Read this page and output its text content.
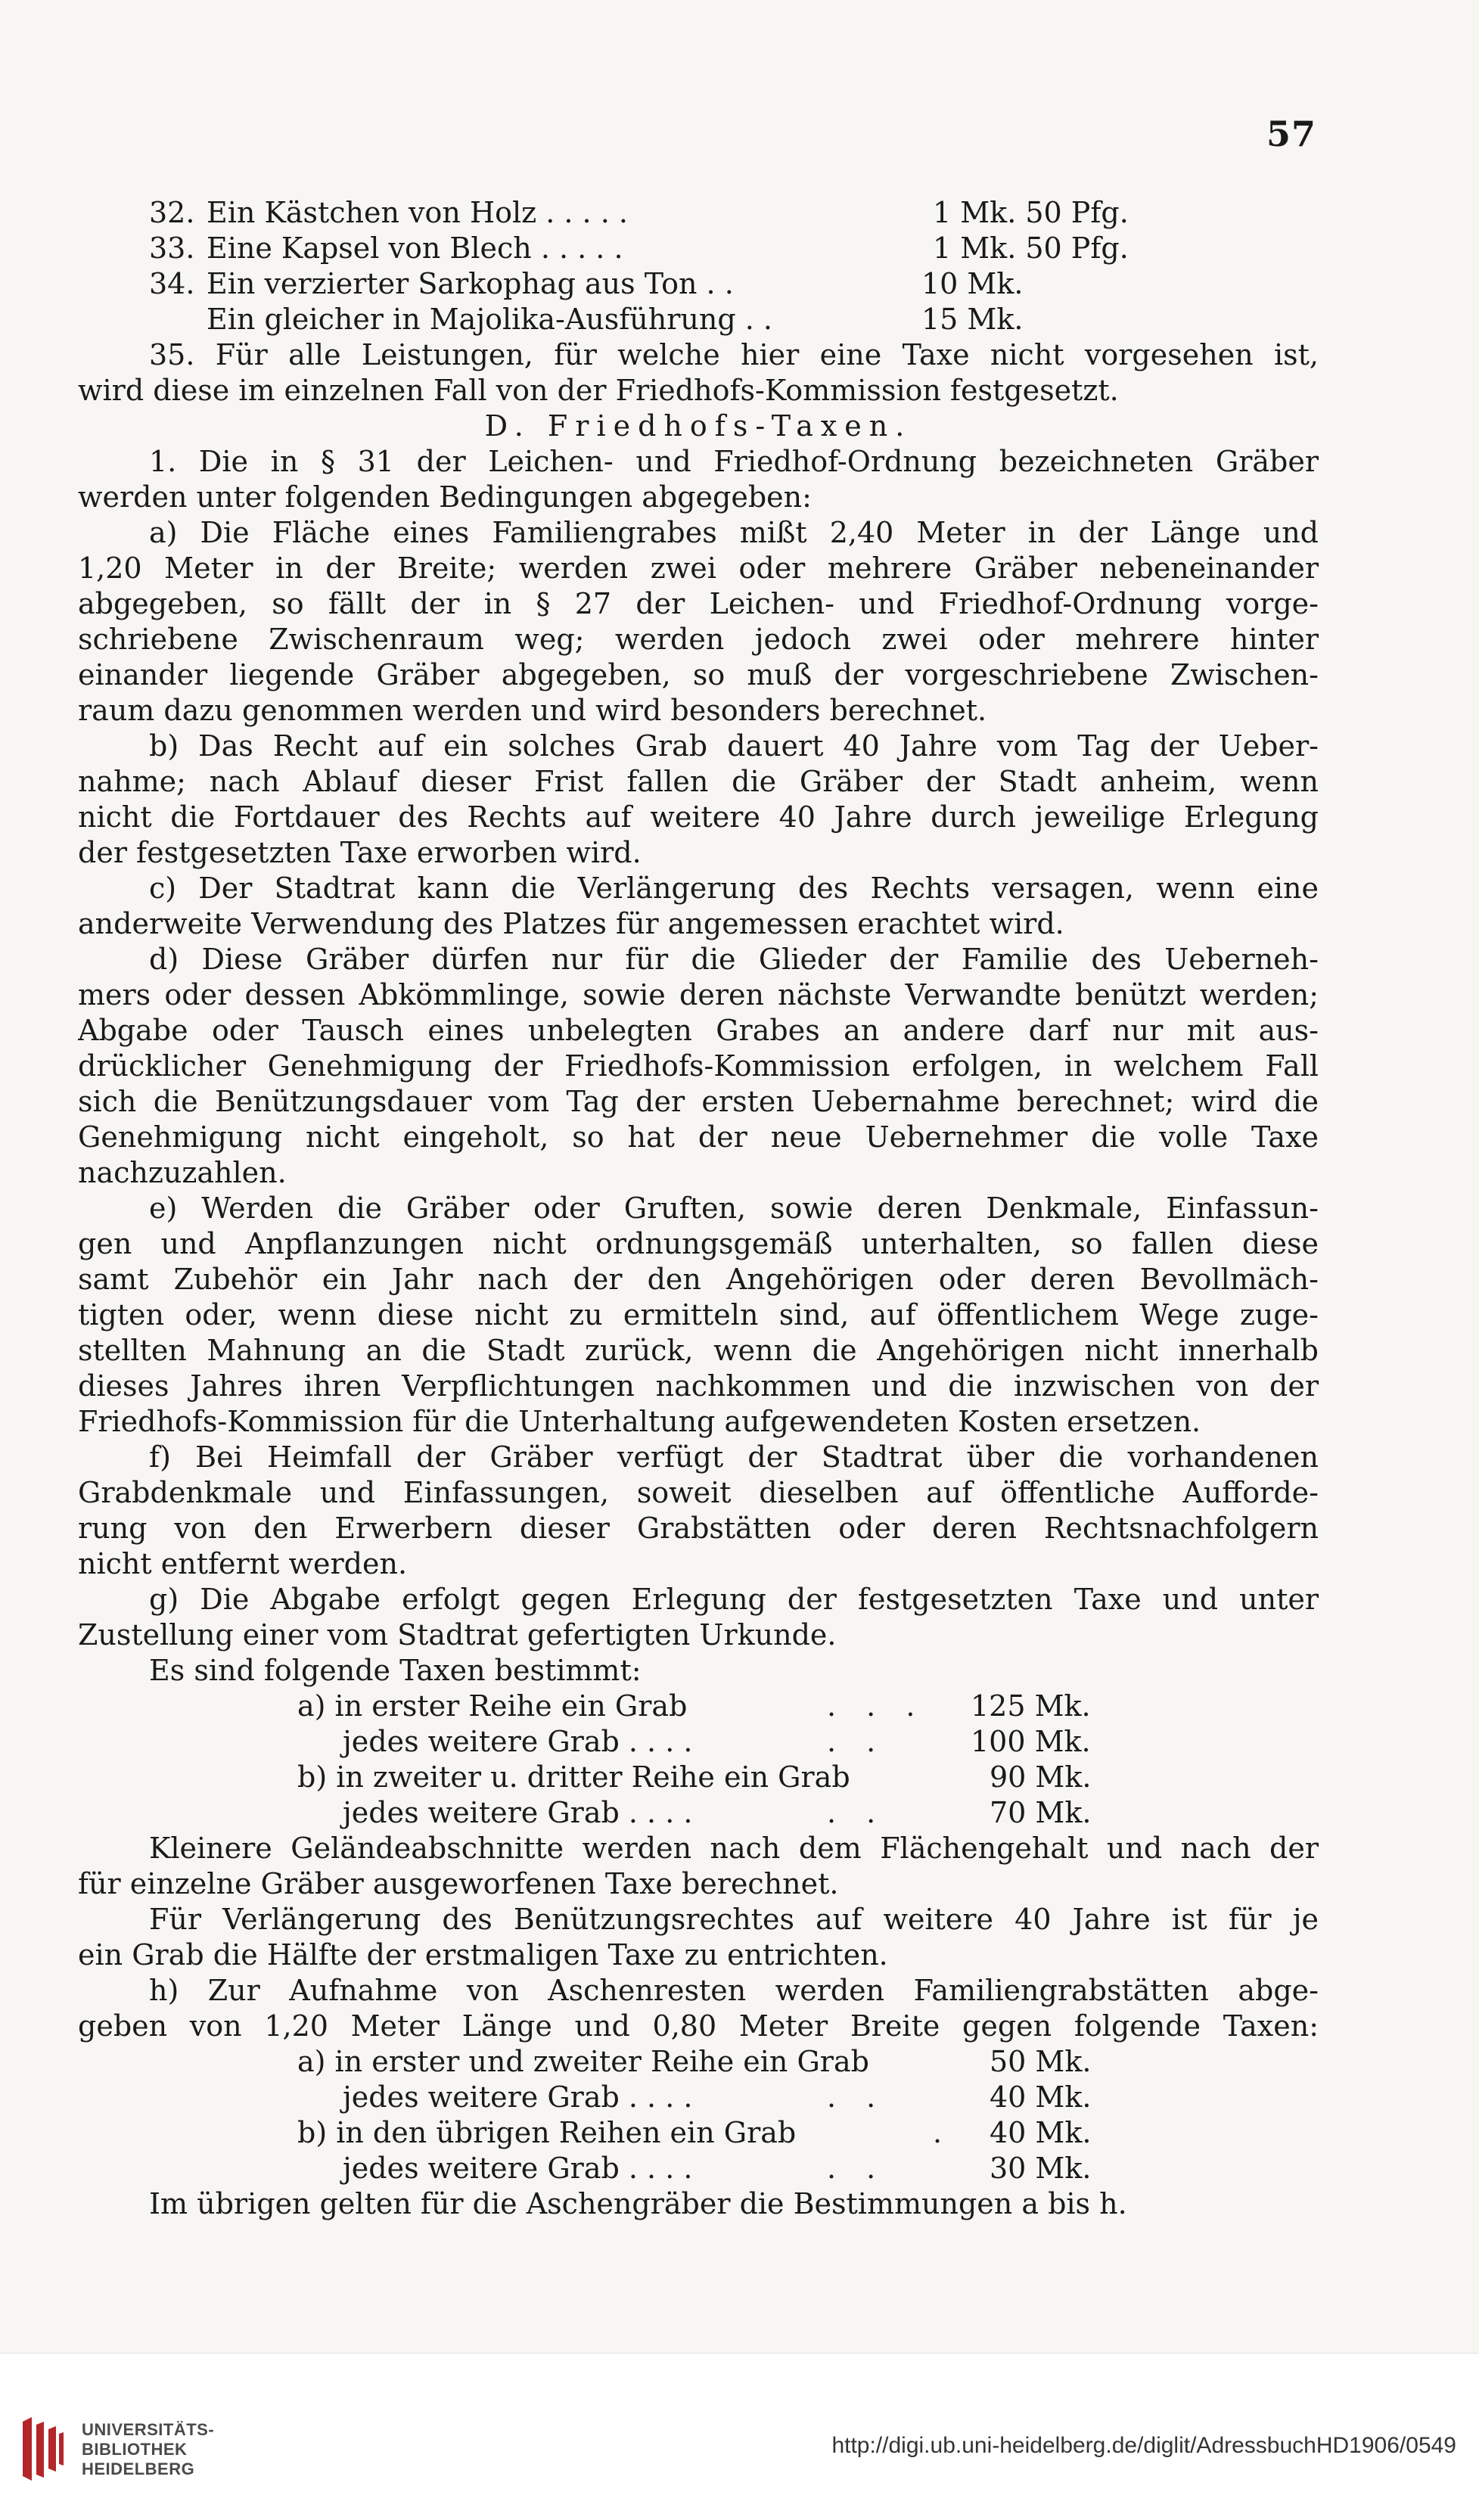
57
32. Ein Kästchen von Holz . . . . .	1 Mk. 50 Pfg.
33. Eine Kapsel von Blech . . . . .	1 Mk. 50 Pfg.
34. Ein verzierter Sarkophag aus Ton . .	10 Mk.
Ein gleicher in Majolika-Ausführung . .	15 Mk.
35. Für alle Leistungen, für welche hier eine Taxe nicht vorgesehen ist,
wird diese im einzelnen Fall von der Friedhofs-Kommission festgesetzt.
D. Friedhofs-Taxen.
1. Die in § 31 der Leichen- und Friedhof-Ordnung bezeichneten Gräber
werden unter folgenden Bedingungen abgegeben:
a) Die Fläche eines Familiengrabes mißt 2,40 Meter in der Länge und
1,20 Meter in der Breite; werden zwei oder mehrere Gräber nebeneinander
abgegeben, so fällt der in § 27 der Leichen- und Friedhof-Ordnung vorge-
schriebene Zwischenraum weg; werden jedoch zwei oder mehrere hinter
einander liegende Gräber abgegeben, so muß der vorgeschriebene Zwischen-
raum dazu genommen werden und wird besonders berechnet.
b) Das Recht auf ein solches Grab dauert 40 Jahre vom Tag der Ueber-
nahme; nach Ablauf dieser Frist fallen die Gräber der Stadt anheim, wenn
nicht die Fortdauer des Rechts auf weitere 40 Jahre durch jeweilige Erlegung
der festgesetzten Taxe erworben wird.
c) Der Stadtrat kann die Verlängerung des Rechts versagen, wenn eine
anderweite Verwendung des Platzes für angemessen erachtet wird.
d) Diese Gräber dürfen nur für die Glieder der Familie des Ueberneh-
mers oder dessen Abkömmlinge, sowie deren nächste Verwandte benützt werden;
Abgabe oder Tausch eines unbelegten Grabes an andere darf nur mit aus-
drücklicher Genehmigung der Friedhofs-Kommission erfolgen, in welchem Fall
sich die Benützungsdauer vom Tag der ersten Uebernahme berechnet; wird die
Genehmigung nicht eingeholt, so hat der neue Uebernehmer die volle Taxe
nachzuzahlen.
e) Werden die Gräber oder Gruften, sowie deren Denkmale, Einfassun-
gen und Anpflanzungen nicht ordnungsgemäß unterhalten, so fallen diese
samt Zubehör ein Jahr nach der den Angehörigen oder deren Bevollmäch-
tigten oder, wenn diese nicht zu ermitteln sind, auf öffentlichem Wege zuge-
stellten Mahnung an die Stadt zurück, wenn die Angehörigen nicht innerhalb
dieses Jahres ihren Verpflichtungen nachkommen und die inzwischen von der
Friedhofs-Kommission für die Unterhaltung aufgewendeten Kosten ersetzen.
f) Bei Heimfall der Gräber verfügt der Stadtrat über die vorhandenen
Grabdenkmale und Einfassungen, soweit dieselben auf öffentliche Aufforde-
rung von den Erwerbern dieser Grabstätten oder deren Rechtsnachfolgern
nicht entfernt werden.
g) Die Abgabe erfolgt gegen Erlegung der festgesetzten Taxe und unter
Zustellung einer vom Stadtrat gefertigten Urkunde.
Es sind folgende Taxen bestimmt:
a) in erster Reihe ein Grab	. . . 125 Mk.
jedes weitere Grab . . . .	. .	100 Mk.
b) in zweiter u. dritter Reihe ein Grab	90 Mk.
jedes weitere Grab . . . .	. .	70 Mk.
Kleinere Geländeabschnitte werden nach dem Flächengehalt und nach der
für einzelne Gräber ausgeworfenen Taxe berechnet.
Für Verlängerung des Benützungsrechtes auf weitere 40 Jahre ist für je
ein Grab die Hälfte der erstmaligen Taxe zu entrichten.
h) Zur Aufnahme von Aschenresten werden Familiengrabstätten abge-
geben von 1,20 Meter Länge und 0,80 Meter Breite gegen folgende Taxen:
a) in erster und zweiter Reihe ein Grab	50 Mk.
jedes weitere Grab . . . .	. .	40 Mk.
b) in den übrigen Reihen ein Grab	. 40 Mk.
jedes weitere Grab . . . .	. .	30 Mk.
Im übrigen gelten für die Aschengräber die Bestimmungen a bis h.
UNIVERSITÄTS-
BIBLIOTHEK
HEIDELBERG
http://digi.ub.uni-heidelberg.de/diglit/AdressbuchHD1906/0549
